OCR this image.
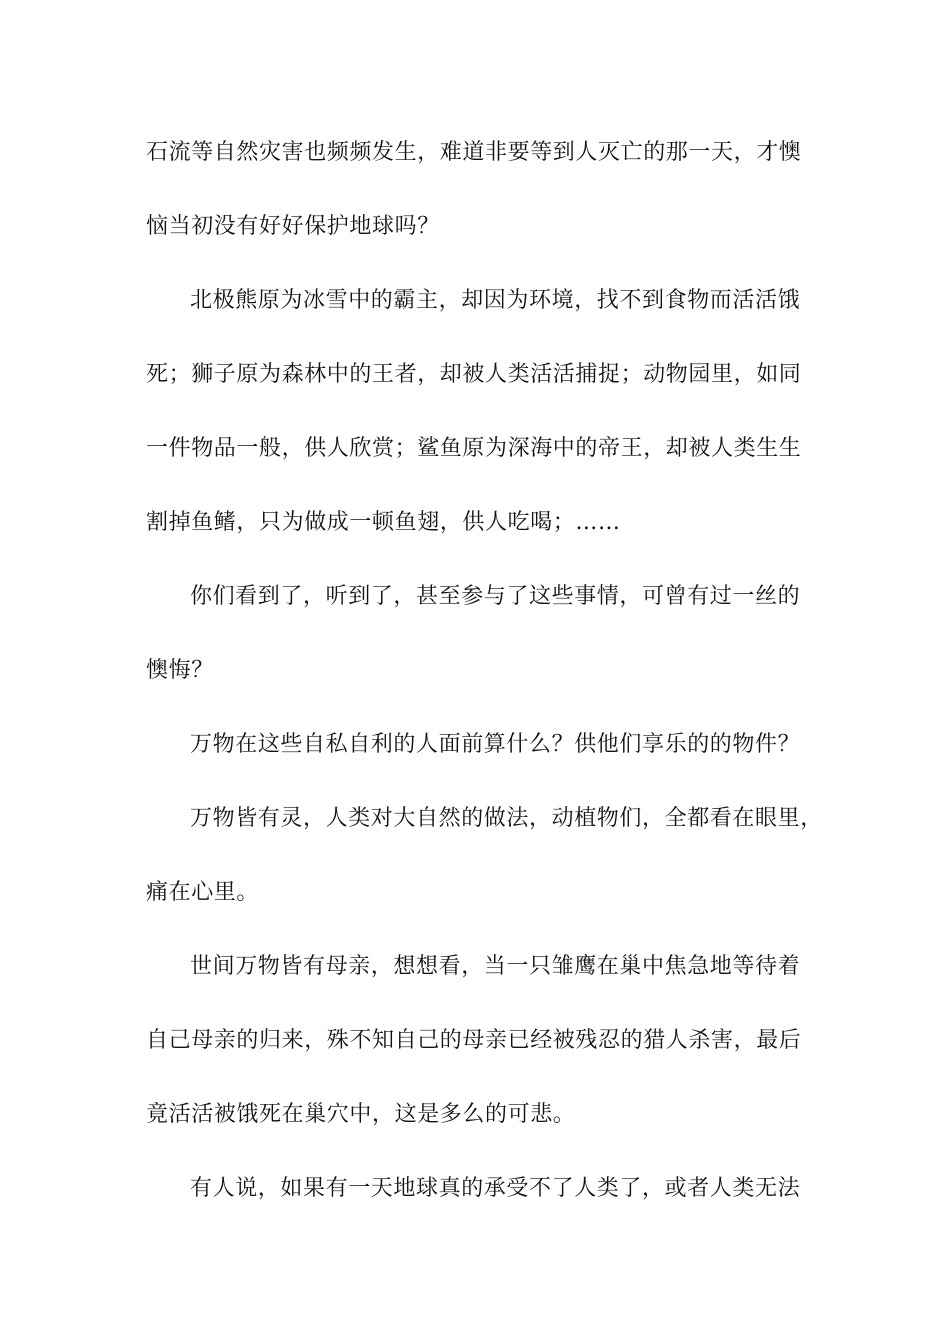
石流等自然灾害也频频发生，难道非要等到人灭亡的那一天，才懊
恼当初没有好好保护地球吗？
北极熊原为冰雪中的霸主，却因为环境，找不到食物而活活饿
死；狮子原为森林中的王者，却被人类活活捕捉；动物园里，如同
一件物品一般，供人欣赏；鲨鱼原为深海中的帝王，却被人类生生
割掉鱼鳍，只为做成一顿鱼翅，供人吃喝；……
你们看到了，听到了，甚至参与了这些事情，可曾有过一丝的
懊悔？
万物在这些自私自利的人面前算什么？供他们享乐的的物件？
万物皆有灵，人类对大自然的做法，动植物们，全都看在眼里，
痛在心里。
世间万物皆有母亲，想想看，当一只雏鹰在巢中焦急地等待着
自己母亲的归来，殊不知自己的母亲已经被残忍的猎人杀害，最后
竟活活被饿死在巢穴中，这是多么的可悲。
有人说，如果有一天地球真的承受不了人类了，或者人类无法
